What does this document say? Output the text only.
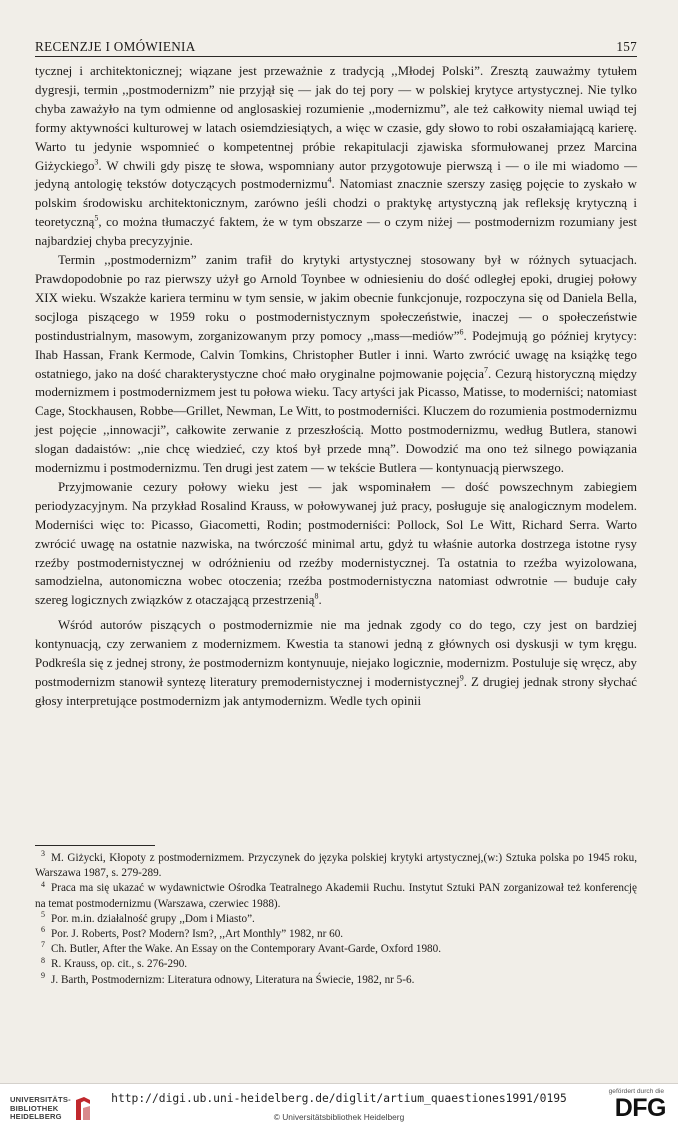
RECENZJE I OMÓWIENIA	157

tycznej i architektonicznej; wiązane jest przeważnie z tradycją ,,Młodej Polski”. Zresztą zauważmy tytułem dygresji, termin ,,postmodernizm” nie przyjął się — jak do tej pory — w polskiej krytyce artystycznej. Nie tylko chyba zaważyło na tym odmienne od anglosaskiej rozumienie ,,modernizmu”, ale też całkowity niemal uwiąd tej formy aktywności kulturowej w latach osiemdziesiątych, a więc w czasie, gdy słowo to robi oszałamiającą karierę. Warto tu jedynie wspomnieć o kompetentnej próbie rekapitulacji zjawiska sformułowanej przez Marcina Giżyckiego$^3$. W chwili gdy piszę te słowa, wspomniany autor przygotowuje pierwszą i — o ile mi wiadomo — jedyną antologię tekstów dotyczących postmodernizmu$^4$. Natomiast znacznie szerszy zasięg pojęcie to zyskało w polskim środowisku architektonicznym, zarówno jeśli chodzi o praktykę artystyczną jak refleksję krytyczną i teoretyczną$^5$, co można tłumaczyć faktem, że w tym obszarze — o czym niżej — postmodernizm rozumiany jest najbardziej chyba precyzyjnie.

Termin ,,postmodernizm” zanim trafił do krytyki artystycznej stosowany był w różnych sytuacjach. Prawdopodobnie po raz pierwszy użył go Arnold Toynbee w odniesieniu do dość odległej epoki, drugiej połowy XIX wieku. Wszakże kariera terminu w tym sensie, w jakim obecnie funkcjonuje, rozpoczyna się od Daniela Bella, socjloga piszącego w 1959 roku o postmodernistycznym społeczeństwie, inaczej — o społeczeństwie postindustrialnym, masowym, zorganizowanym przy pomocy ,,mass—mediów”$^6$. Podejmują go później krytycy: Ihab Hassan, Frank Kermode, Calvin Tomkins, Christopher Butler i inni. Warto zwrócić uwagę na książkę tego ostatniego, jako na dość charakterystyczne choć mało oryginalne pojmowanie pojęcia$^7$. Cezurą historyczną między modernizmem i postmodernizmem jest tu połowa wieku. Tacy artyści jak Picasso, Matisse, to moderniści; natomiast Cage, Stockhausen, Robbe—Grillet, Newman, Le Witt, to postmoderniści. Kluczem do rozumienia postmodernizmu jest pojęcie ,,innowacji”, całkowite zerwanie z przeszłością. Motto postmodernizmu, według Butlera, stanowi slogan dadaistów: ,,nie chcę wiedzieć, czy ktoś był przede mną”. Dowodzić ma ono też silnego powiązania modernizmu i postmodernizmu. Ten drugi jest zatem — w tekście Butlera — kontynuacją pierwszego.

Przyjmowanie cezury połowy wieku jest — jak wspominałem — dość powszechnym zabiegiem periodyzacyjnym. Na przykład Rosalind Krauss, w połowywanej już pracy, posługuje się analogicznym modelem. Moderniści więc to: Picasso, Giacometti, Rodin; postmoderniści: Pollock, Sol Le Witt, Richard Serra. Warto zwrócić uwagę na ostatnie nazwiska, na twórczość minimal artu, gdyż tu właśnie autorka dostrzega istotne rysy rzeźby postmodernistycznej w odróżnieniu od rzeźby modernistycznej. Ta ostatnia to rzeźba wyizolowana, samodzielna, autonomiczna wobec otoczenia; rzeźba postmodernistyczna natomiast odwrotnie — buduje cały szereg logicznych związków z otaczającą przestrzenią$^8$.

Wśród autorów piszących o postmodernizmie nie ma jednak zgody co do tego, czy jest on bardziej kontynuacją, czy zerwaniem z modernizmem. Kwestia ta stanowi jedną z głównych osi dyskusji w tym kręgu. Podkreśla się z jednej strony, że postmodernizm kontynuuje, niejako logicznie, modernizm. Postuluje się wręcz, aby postmodernizm stanowił syntezę literatury premodernistycznej i modernistycznej$^9$. Z drugiej jednak strony słychać głosy interpretujące postmodernizm jak antymodernizm. Wedle tych opinii

3 M. Giżycki, Kłopoty z postmodernizmem. Przyczynek do języka polskiej krytyki artystycznej,(w:) Sztuka polska po 1945 roku, Warszawa 1987, s. 279-289.

4 Praca ma się ukazać w wydawnictwie Ośrodka Teatralnego Akademii Ruchu. Instytut Sztuki PAN zorganizował też konferencję na temat postmodernizmu (Warszawa, czerwiec 1988).

5 Por. m.in. działalność grupy ,,Dom i Miasto”.

6 Por. J. Roberts, Post? Modern? Ism?, ,,Art Monthly” 1982, nr 60.

7 Ch. Butler, After the Wake. An Essay on the Contemporary Avant-Garde, Oxford 1980.

8 R. Krauss, op. cit., s. 276-290.

9 J. Barth, Postmodernizm: Literatura odnowy, Literatura na Świecie, 1982, nr 5-6.

UNIVERSITÄTS-
BIBLIOTHEK
HEIDELBERG
http://digi.ub.uni-heidelberg.de/diglit/artium_quaestiones1991/0195
© Universitätsbibliothek Heidelberg
gefördert durch die
DFG
